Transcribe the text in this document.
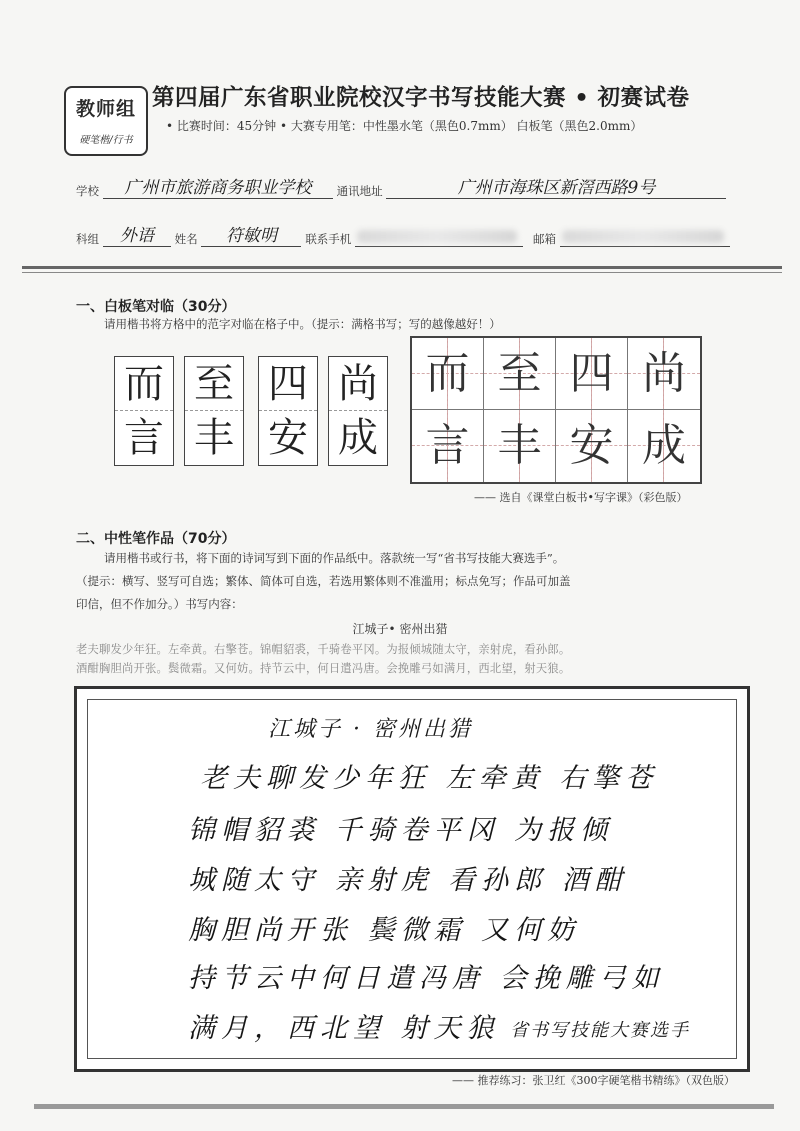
教师组
硬笔楷/行书
第四届广东省职业院校汉字书写技能大赛 • 初赛试卷
• 比赛时间：45分钟 • 大赛专用笔：中性墨水笔（黑色0.7mm） 白板笔（黑色2.0mm）
学校 广州市旅游商务职业学校 通讯地址	广州市海珠区新滘西路9号
科组 外语 姓名 符敏明 联系手机	邮箱
一、白板笔对临（30分）
请用楷书将方格中的范字对临在格子中。（提示：满格书写；写的越像越好！）
而
言
至
丰
四
安
尚
成
而 至 四 尚
言 丰 安 成
—— 选自《课堂白板书•写字课》（彩色版）
二、中性笔作品（70分）
请用楷书或行书，将下面的诗词写到下面的作品纸中。落款统一写“省书写技能大赛选手”。
（提示：横写、竖写可自选；繁体、简体可自选，若选用繁体则不准滥用；标点免写；作品可加盖
印信，但不作加分。）书写内容：
江城子• 密州出猎
老夫聊发少年狂。左牵黄。右擎苍。锦帽貂裘，千骑卷平冈。为报倾城随太守，亲射虎，看孙郎。
酒酣胸胆尚开张。鬓微霜。又何妨。持节云中，何日遣冯唐。会挽雕弓如满月，西北望，射天狼。
江城子 · 密州出猎
老夫聊发少年狂 左牵黄 右擎苍
锦帽貂裘 千骑卷平冈 为报倾
城随太守 亲射虎 看孙郎 酒酣
胸胆尚开张 鬓微霜 又何妨
持节云中何日遣冯唐 会挽雕弓如
满月，西北望 射天狼 省书写技能大赛选手
—— 推荐练习：张卫红《300字硬笔楷书精练》（双色版）
